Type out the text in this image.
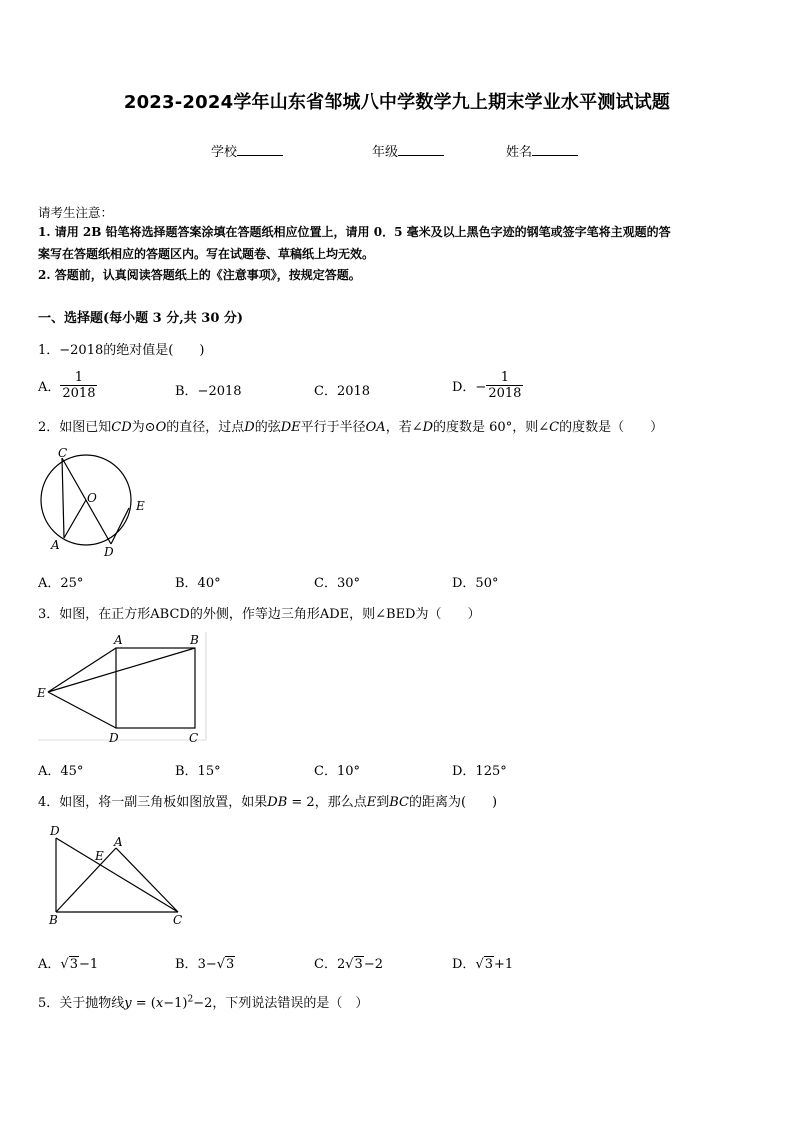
2023-2024学年山东省邹城八中学数学九上期末学业水平测试试题
学校	年级	姓名
请考生注意：
1. 请用 2B 铅笔将选择题答案涂填在答题纸相应位置上，请用 0．5 毫米及以上黑色字迹的钢笔或签字笔将主观题的答
案写在答题纸相应的答题区内。写在试题卷、草稿纸上均无效。
2. 答题前，认真阅读答题纸上的《注意事项》，按规定答题。
一、选择题(每小题 3 分,共 30 分)
1．−2018的绝对值是(　　)
A． $\frac{1}{2018}$	B．−2018	C．2018	D．− $\frac{1}{2018}$
2．如图已知CD为⊙O的直径，过点D的弦DE平行于半径OA，若∠D的度数是 60°，则∠C的度数是（　　）
C
O
E
A	D
A．25°	B．40°	C．30°	D．50°
3．如图，在正方形ABCD的外侧，作等边三角形ADE，则∠BED为（　　）
A	B
E
D	C
A．45°	B．15°	C．10°	D．125°
4．如图，将一副三角板如图放置，如果DB = 2，那么点E到BC的距离为(　　)
D
A
E
B	C
A．√3−1	B．3−√3	C．2√3−2	D．√3+1
5．关于抛物线$y = (x-1)^2-2$，下列说法错误的是（　）
